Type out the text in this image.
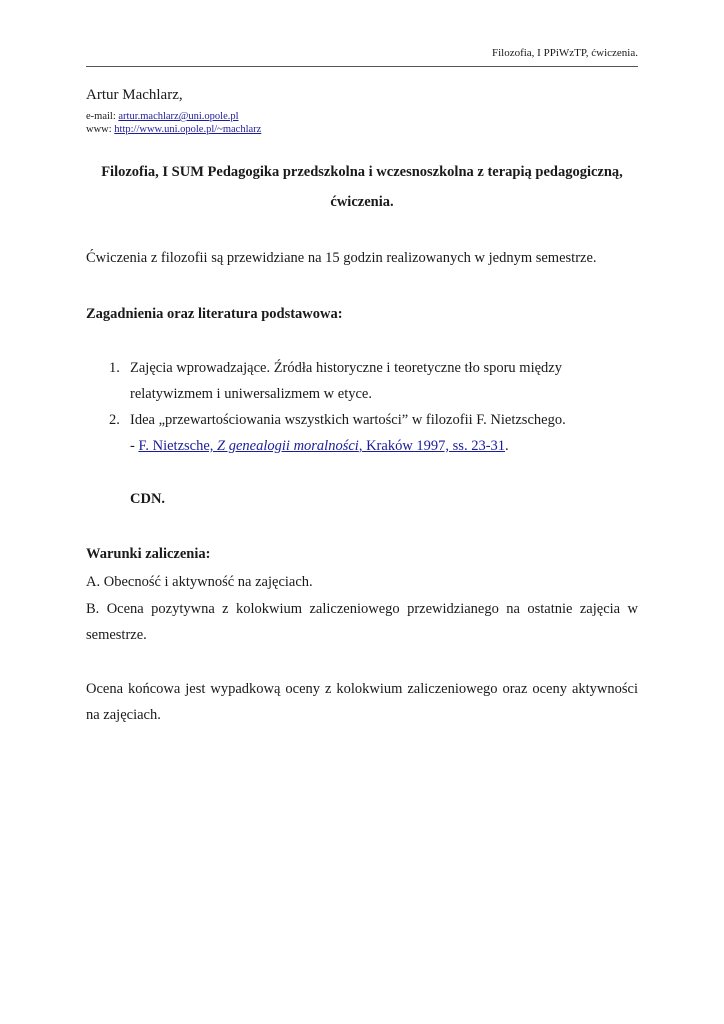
Filozofia, I PPiWzTP, ćwiczenia.
Artur Machlarz,
e-mail: artur.machlarz@uni.opole.pl
www: http://www.uni.opole.pl/~machlarz
Filozofia, I SUM Pedagogika przedszkolna i wczesnoszkolna z terapią pedagogiczną,
ćwiczenia.
Ćwiczenia z filozofii są przewidziane na 15 godzin realizowanych w jednym semestrze.
Zagadnienia oraz literatura podstawowa:
1. Zajęcia wprowadzające. Źródła historyczne i teoretyczne tło sporu między
relatywizmem i uniwersalizmem w etyce.
2. Idea „przewartościowania wszystkich wartości” w filozofii F. Nietzschego.
- F. Nietzsche, Z genealogii moralności, Kraków 1997, ss. 23-31.
CDN.
Warunki zaliczenia:
A. Obecność i aktywność na zajęciach.
B. Ocena pozytywna z kolokwium zaliczeniowego przewidzianego na ostatnie zajęcia w
semestrze.
Ocena końcowa jest wypadkową oceny z kolokwium zaliczeniowego oraz oceny aktywności
na zajęciach.
